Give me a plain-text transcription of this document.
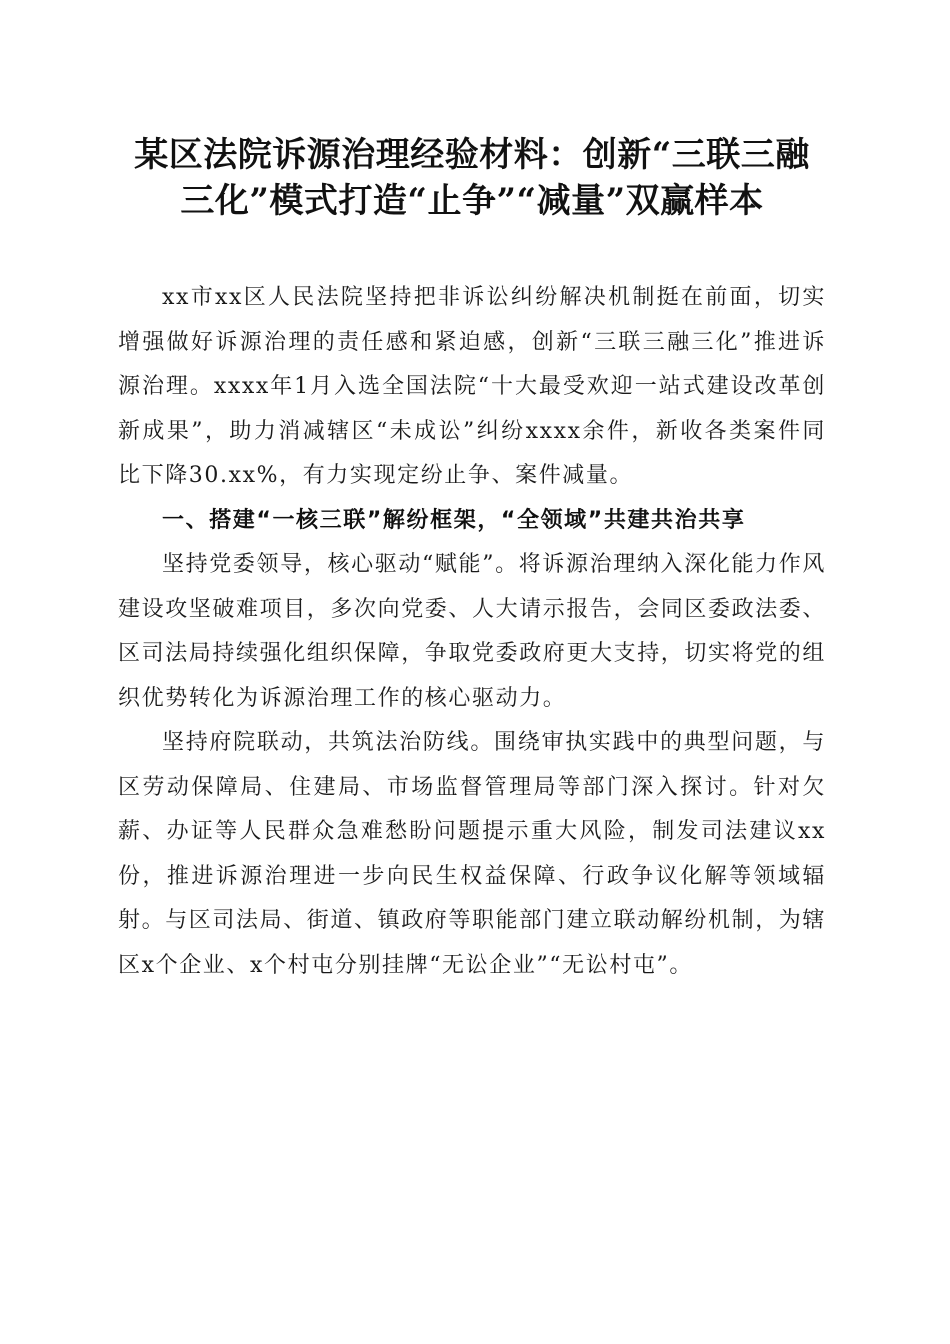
某区法院诉源治理经验材料：创新“三联三融
三化”模式打造“止争”“减量”双赢样本

xx市xx区人民法院坚持把非诉讼纠纷解决机制挺在前面，切实增强做好诉源治理的责任感和紧迫感，创新“三联三融三化”推进诉源治理。xxxx年1月入选全国法院“十大最受欢迎一站式建设改革创新成果”，助力消减辖区“未成讼”纠纷xxxx余件，新收各类案件同比下降30.xx%，有力实现定纷止争、案件减量。

一、搭建“一核三联”解纷框架，“全领域”共建共治共享

坚持党委领导，核心驱动“赋能”。将诉源治理纳入深化能力作风建设攻坚破难项目，多次向党委、人大请示报告，会同区委政法委、区司法局持续强化组织保障，争取党委政府更大支持，切实将党的组织优势转化为诉源治理工作的核心驱动力。

坚持府院联动，共筑法治防线。围绕审执实践中的典型问题，与区劳动保障局、住建局、市场监督管理局等部门深入探讨。针对欠薪、办证等人民群众急难愁盼问题提示重大风险，制发司法建议xx份，推进诉源治理进一步向民生权益保障、行政争议化解等领域辐射。与区司法局、街道、镇政府等职能部门建立联动解纷机制，为辖区x个企业、x个村屯分别挂牌“无讼企业”“无讼村屯”。
